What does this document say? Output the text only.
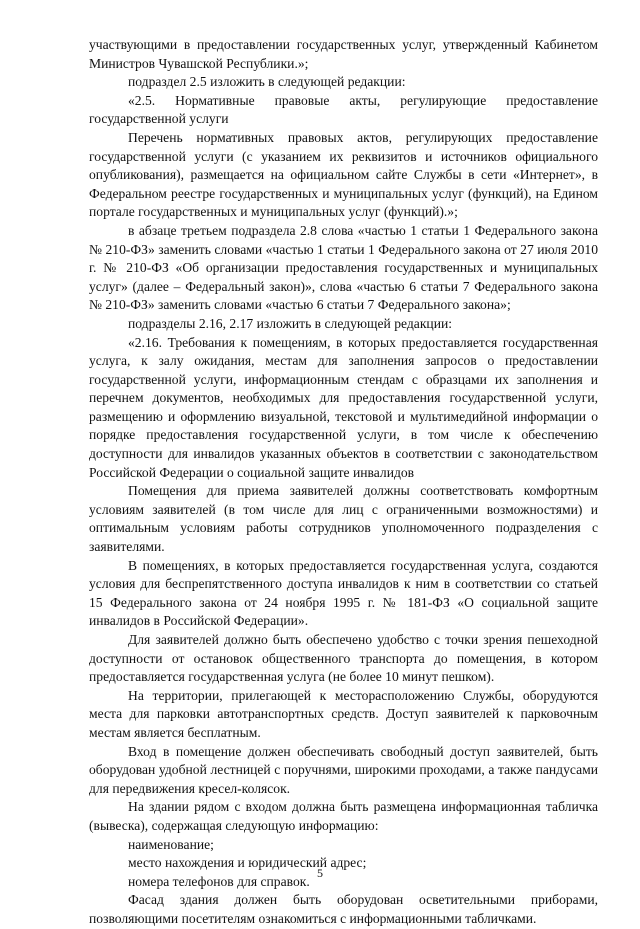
участвующими в предоставлении государственных услуг, утвержденный Кабинетом Министров Чувашской Республики.»;

подраздел 2.5 изложить в следующей редакции:

«2.5. Нормативные правовые акты, регулирующие предоставление государственной услуги

Перечень нормативных правовых актов, регулирующих предоставление государственной услуги (с указанием их реквизитов и источников официального опубликования), размещается на официальном сайте Службы в сети «Интернет», в Федеральном реестре государственных и муниципальных услуг (функций), на Едином портале государственных и муниципальных услуг (функций).»;

в абзаце третьем подраздела 2.8 слова «частью 1 статьи 1 Федерального закона № 210-ФЗ» заменить словами «частью 1 статьи 1 Федерального закона от 27 июля 2010 г. № 210-ФЗ «Об организации предоставления государственных и муниципальных услуг» (далее – Федеральный закон)», слова «частью 6 статьи 7 Федерального закона № 210-ФЗ» заменить словами «частью 6 статьи 7 Федерального закона»;

подразделы 2.16, 2.17 изложить в следующей редакции:

«2.16. Требования к помещениям, в которых предоставляется государственная услуга, к залу ожидания, местам для заполнения запросов о предоставлении государственной услуги, информационным стендам с образцами их заполнения и перечнем документов, необходимых для предоставления государственной услуги, размещению и оформлению визуальной, текстовой и мультимедийной информации о порядке предоставления государственной услуги, в том числе к обеспечению доступности для инвалидов указанных объектов в соответствии с законодательством Российской Федерации о социальной защите инвалидов

Помещения для приема заявителей должны соответствовать комфортным условиям заявителей (в том числе для лиц с ограниченными возможностями) и оптимальным условиям работы сотрудников уполномоченного подразделения с заявителями.

В помещениях, в которых предоставляется государственная услуга, создаются условия для беспрепятственного доступа инвалидов к ним в соответствии со статьей 15 Федерального закона от 24 ноября 1995 г. № 181-ФЗ «О социальной защите инвалидов в Российской Федерации».

Для заявителей должно быть обеспечено удобство с точки зрения пешеходной доступности от остановок общественного транспорта до помещения, в котором предоставляется государственная услуга (не более 10 минут пешком).

На территории, прилегающей к месторасположению Службы, оборудуются места для парковки автотранспортных средств. Доступ заявителей к парковочным местам является бесплатным.

Вход в помещение должен обеспечивать свободный доступ заявителей, быть оборудован удобной лестницей с поручнями, широкими проходами, а также пандусами для передвижения кресел-колясок.

На здании рядом с входом должна быть размещена информационная табличка (вывеска), содержащая следующую информацию:

наименование;

место нахождения и юридический адрес;

номера телефонов для справок.

Фасад здания должен быть оборудован осветительными приборами, позволяющими посетителям ознакомиться с информационными табличками.

5
